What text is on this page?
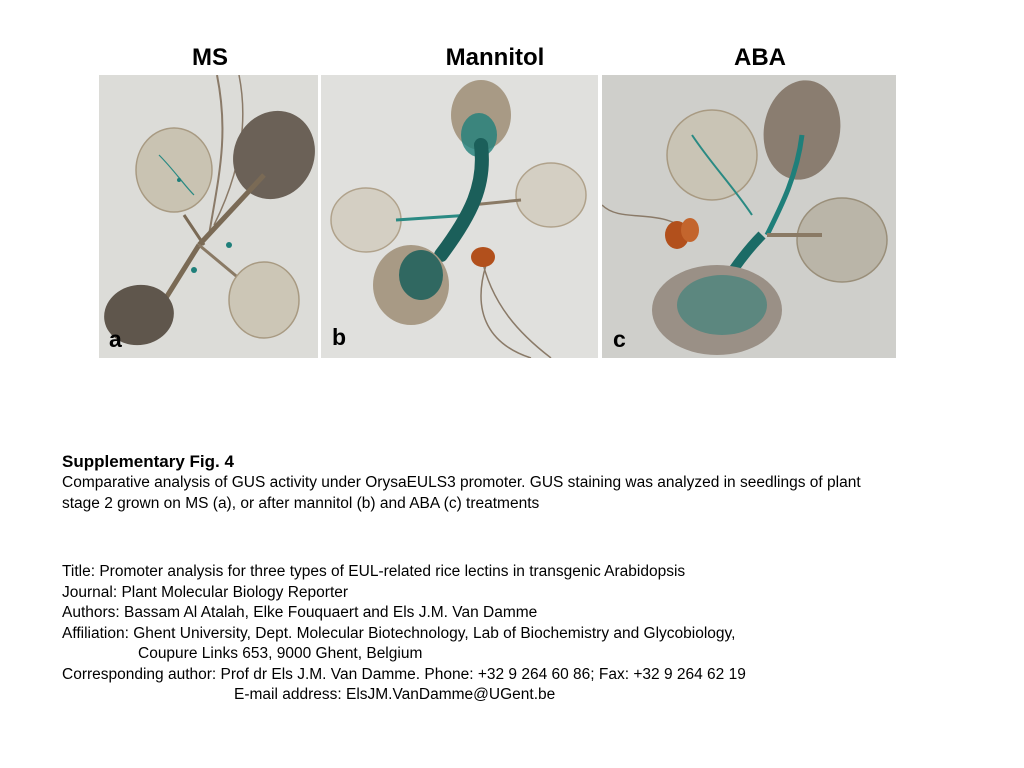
MS	Mannitol	ABA
a	b	c
Supplementary Fig. 4
Comparative analysis of GUS activity under OrysaEULS3 promoter. GUS staining was analyzed in seedlings of plant
stage 2 grown on MS (a), or after mannitol (b) and ABA (c) treatments
Title: Promoter analysis for three types of EUL-related rice lectins in transgenic Arabidopsis
Journal: Plant Molecular Biology Reporter
Authors: Bassam Al Atalah, Elke Fouquaert and Els J.M. Van Damme
Affiliation: Ghent University, Dept. Molecular Biotechnology, Lab of Biochemistry and Glycobiology,
Coupure Links 653, 9000 Ghent, Belgium
Corresponding author: Prof dr Els J.M. Van Damme. Phone: +32 9 264 60 86; Fax: +32 9 264 62 19
E-mail address: ElsJM.VanDamme@UGent.be
